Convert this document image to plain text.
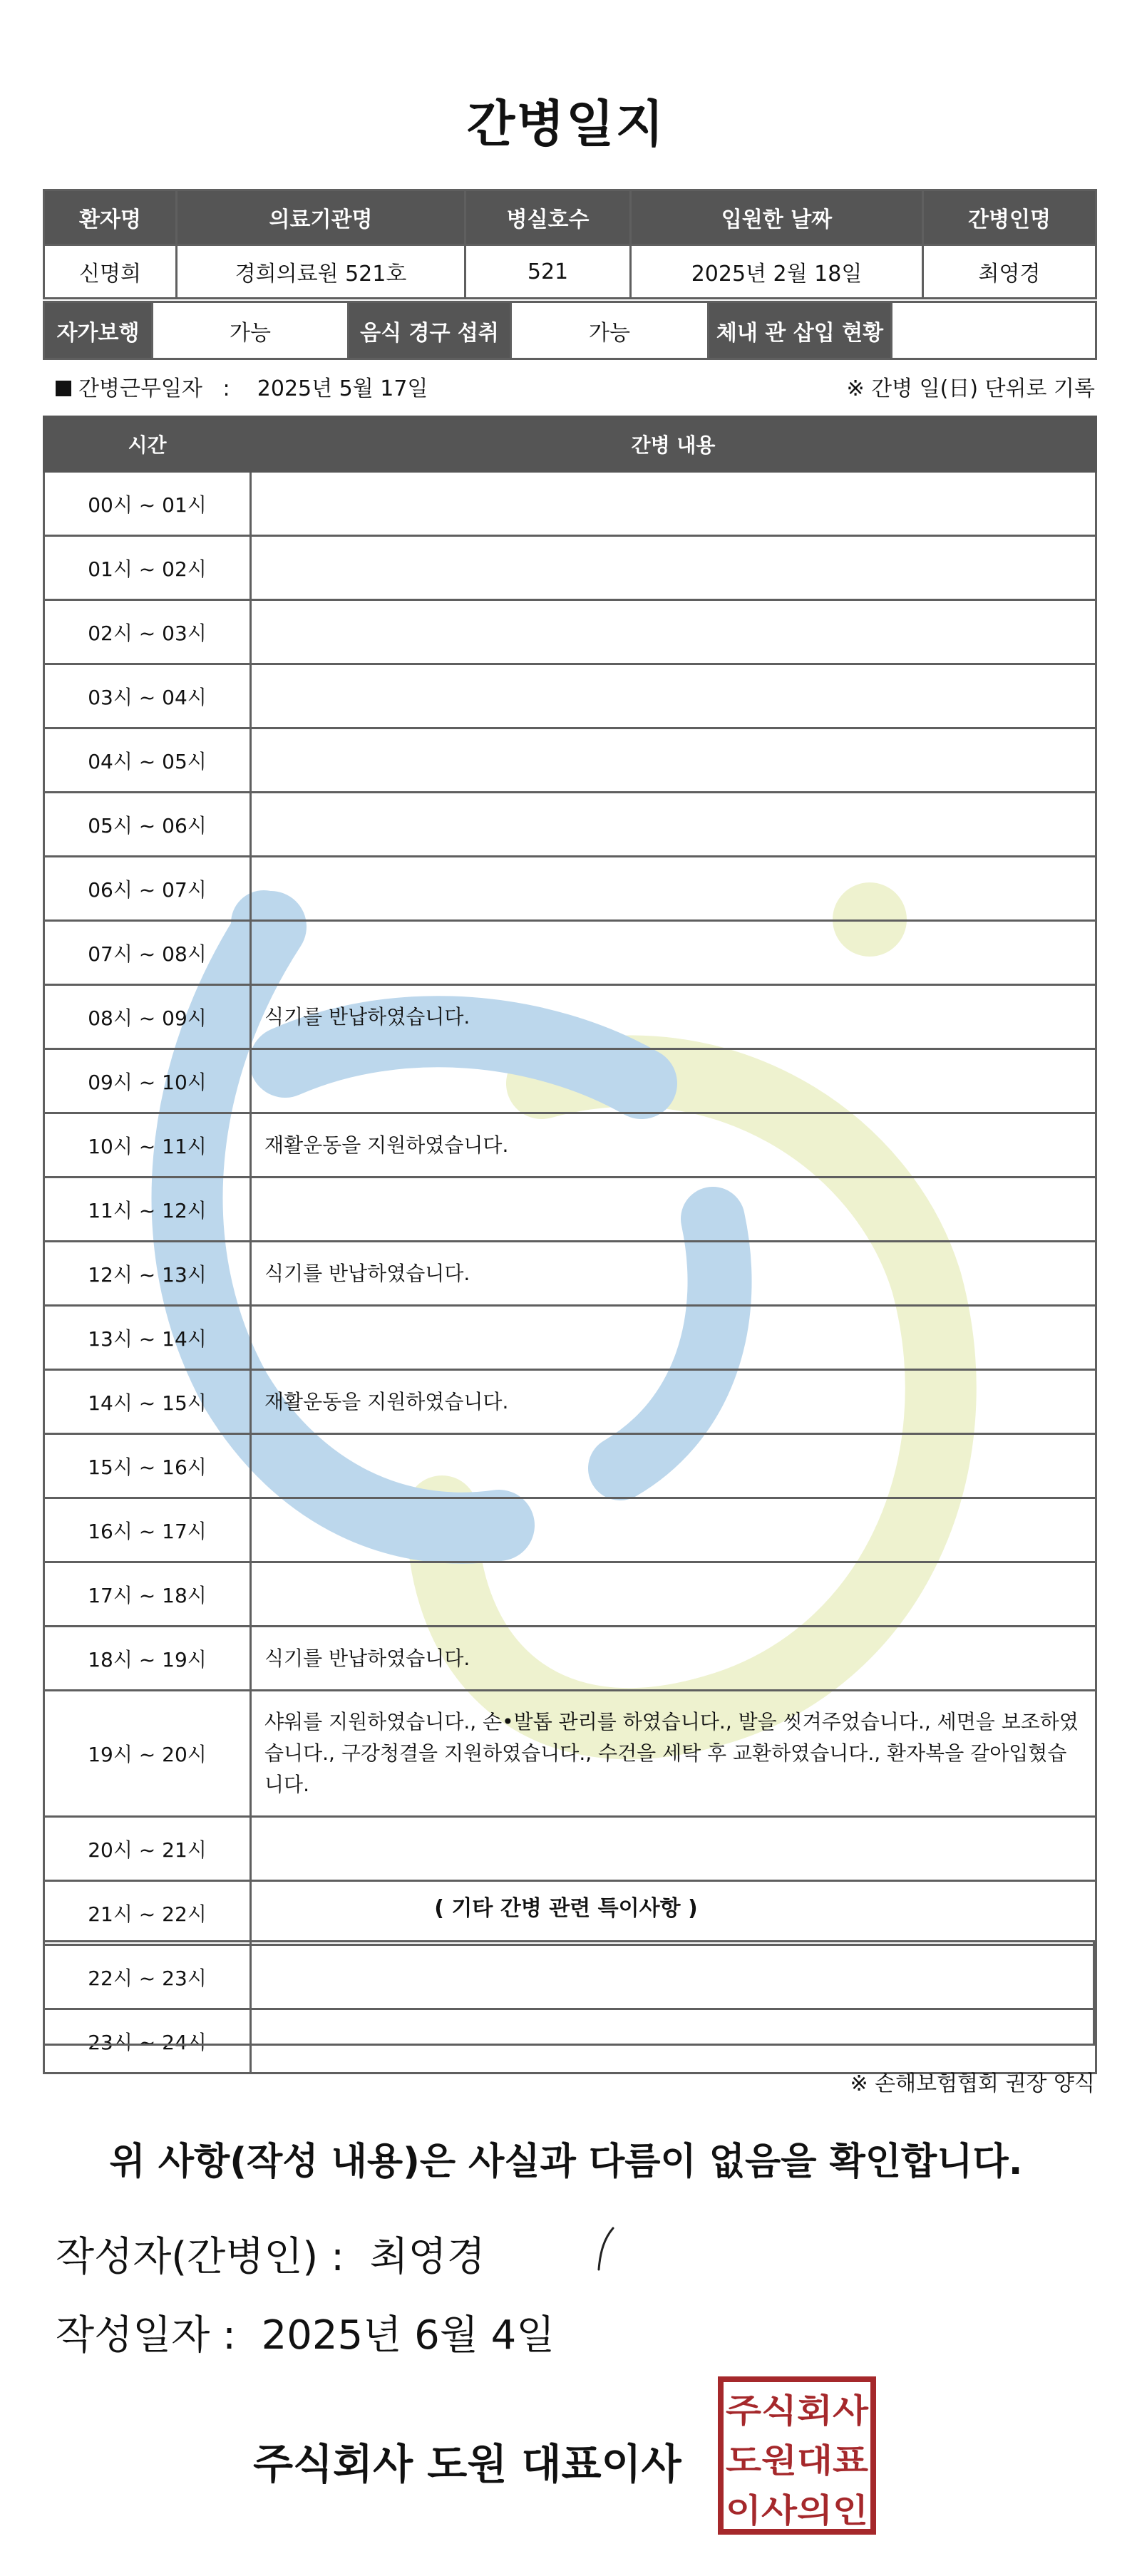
간병일지
환자명	의료기관명	병실호수	입원한 날짜	간병인명
신명희	경희의료원 521호	521	2025년 2월 18일	최영경
자가보행	가능	음식 경구 섭취	가능	체내 관 삽입 현황	
간병근무일자 : 2025년 5월 17일	※ 간병 일(日) 단위로 기록
시간	간병 내용
00시 ~ 01시	
01시 ~ 02시	
02시 ~ 03시	
03시 ~ 04시	
04시 ~ 05시	
05시 ~ 06시	
06시 ~ 07시	
07시 ~ 08시	
08시 ~ 09시	식기를 반납하였습니다.
09시 ~ 10시	
10시 ~ 11시	재활운동을 지원하였습니다.
11시 ~ 12시	
12시 ~ 13시	식기를 반납하였습니다.
13시 ~ 14시	
14시 ~ 15시	재활운동을 지원하였습니다.
15시 ~ 16시	
16시 ~ 17시	
17시 ~ 18시	
18시 ~ 19시	식기를 반납하였습니다.
19시 ~ 20시	샤워를 지원하였습니다., 손•발톱 관리를 하였습니다., 발을 씻겨주었습니다., 세면을 보조하였습니다., 구강청결을 지원하였습니다., 수건을 세탁 후 교환하였습니다., 환자복을 갈아입혔습니다.
20시 ~ 21시	
21시 ~ 22시	
22시 ~ 23시	
23시 ~ 24시	
( 기타 간병 관련 특이사항 )
※ 손해보험협회 권장 양식
위 사항(작성 내용)은 사실과 다름이 없음을 확인합니다.
작성자(간병인) : 최영경
작성일자 : 2025년 6월 4일
주식회사 도원 대표이사
주식회사
도원대표
이사의인
